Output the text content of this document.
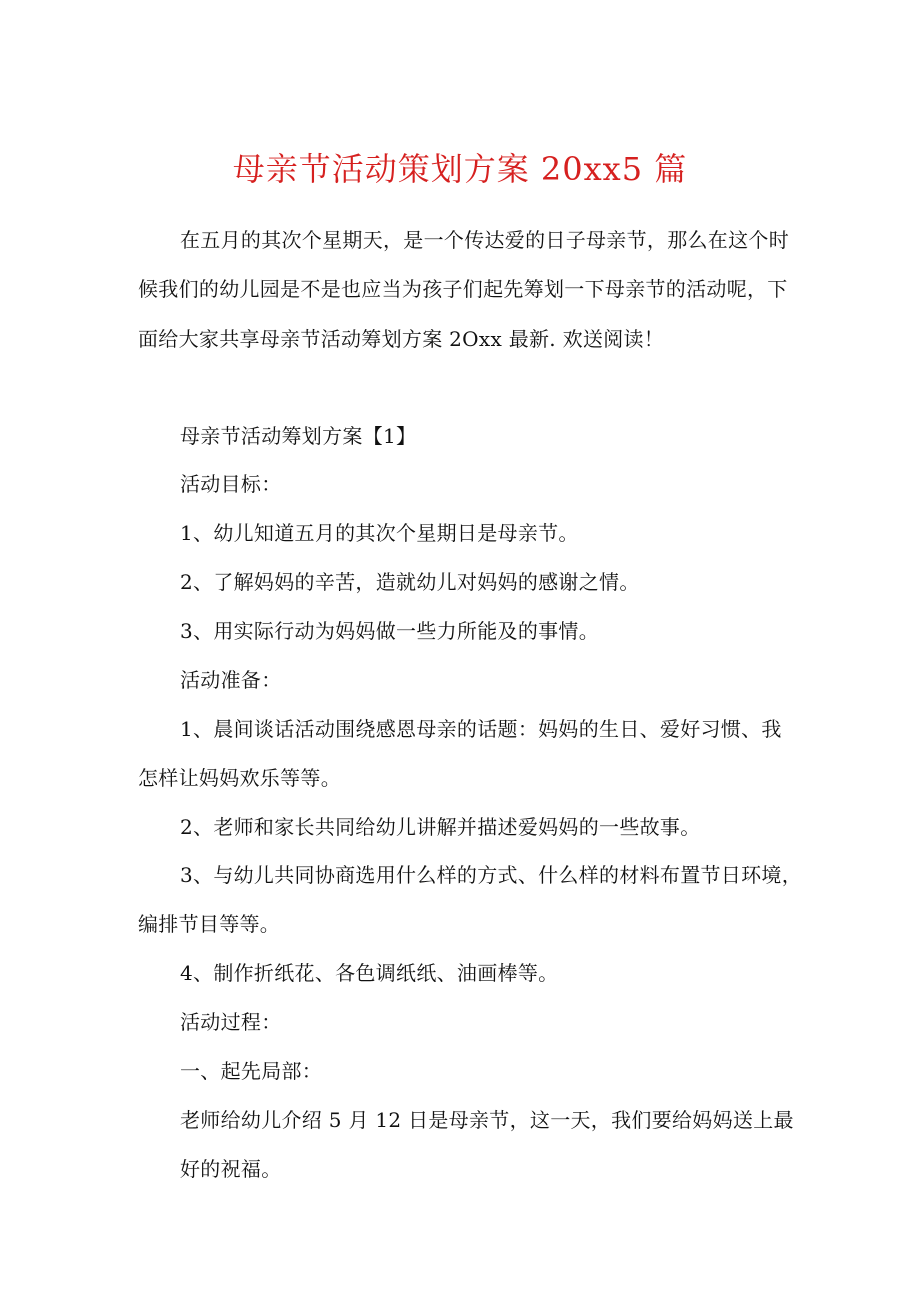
母亲节活动策划方案 20xx5 篇
在五月的其次个星期天，是一个传达爱的日子母亲节，那么在这个时
候我们的幼儿园是不是也应当为孩子们起先筹划一下母亲节的活动呢，下
面给大家共享母亲节活动筹划方案 2Oxx 最新. 欢送阅读！
母亲节活动筹划方案【1】
活动目标：
1、幼儿知道五月的其次个星期日是母亲节。
2、了解妈妈的辛苦，造就幼儿对妈妈的感谢之情。
3、用实际行动为妈妈做一些力所能及的事情。
活动准备：
1、晨间谈话活动围绕感恩母亲的话题：妈妈的生日、爱好习惯、我
怎样让妈妈欢乐等等。
2、老师和家长共同给幼儿讲解并描述爱妈妈的一些故事。
3、与幼儿共同协商选用什么样的方式、什么样的材料布置节日环境，
编排节目等等。
4、制作折纸花、各色调纸纸、油画棒等。
活动过程：
一、起先局部：
老师给幼儿介绍 5 月 12 日是母亲节，这一天，我们要给妈妈送上最
好的祝福。
